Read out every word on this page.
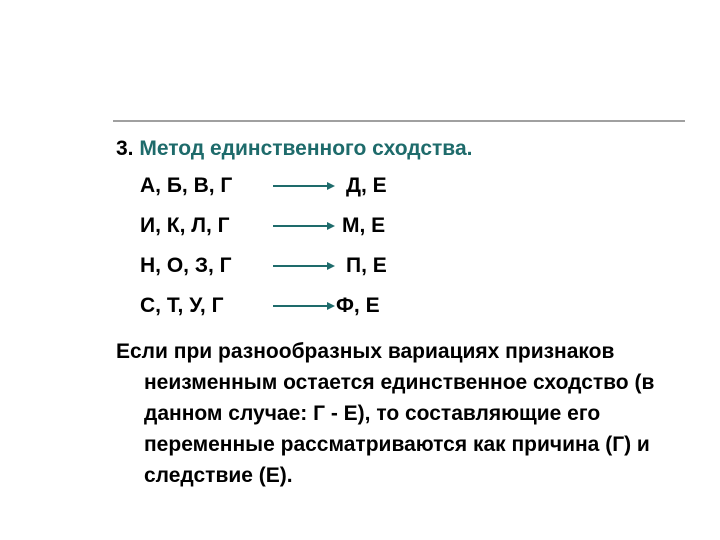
3. Метод единственного сходства.
А, Б, В, Г	Д, Е
И, К, Л, Г	М, Е
Н, О, З, Г	П, Е
С, Т, У, Г	Ф, Е
Если при разнообразных вариациях признаков неизменным остается единственное сходство (в данном случае: Г - Е), то составляющие его переменные рассматриваются как причина (Г) и следствие (Е).
